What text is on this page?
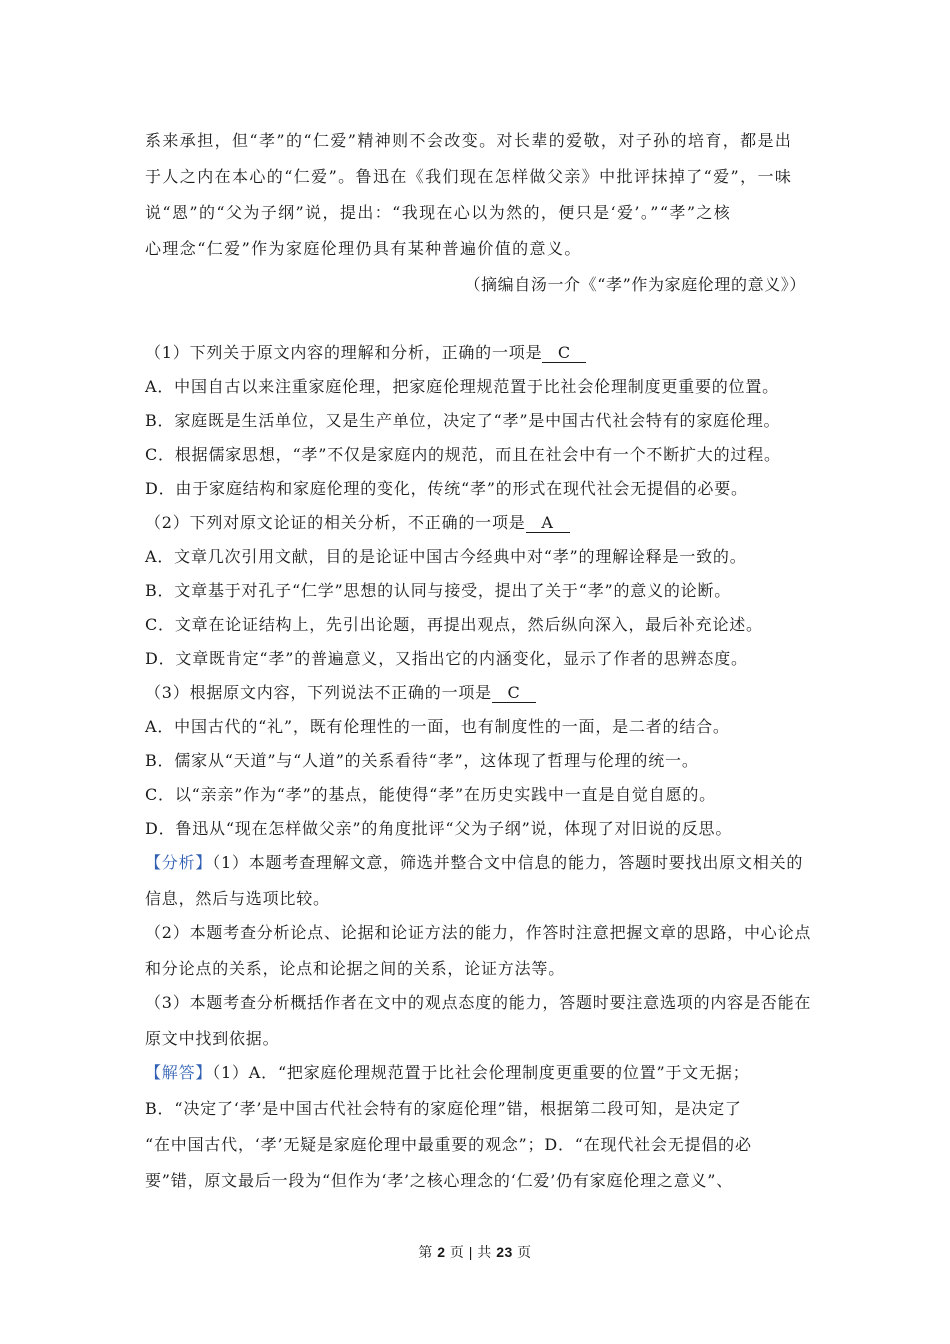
系来承担，但“孝”的“仁爱”精神则不会改变。对长辈的爱敬，对子孙的培育，都是出
于人之内在本心的“仁爱”。鲁迅在《我们现在怎样做父亲》中批评抹掉了“爱”，一味
说“恩”的“父为子纲”说，提出：“我现在心以为然的，便只是‘爱’。”“孝”之核
心理念“仁爱”作为家庭伦理仍具有某种普遍价值的意义。
（摘编自汤一介《“孝”作为家庭伦理的意义》）
（1）下列关于原文内容的理解和分析，正确的一项是 C
A．中国自古以来注重家庭伦理，把家庭伦理规范置于比社会伦理制度更重要的位置。
B．家庭既是生活单位，又是生产单位，决定了“孝”是中国古代社会特有的家庭伦理。
C．根据儒家思想，“孝”不仅是家庭内的规范，而且在社会中有一个不断扩大的过程。
D．由于家庭结构和家庭伦理的变化，传统“孝”的形式在现代社会无提倡的必要。
（2）下列对原文论证的相关分析，不正确的一项是 A
A．文章几次引用文献，目的是论证中国古今经典中对“孝”的理解诠释是一致的。
B．文章基于对孔子“仁学”思想的认同与接受，提出了关于“孝”的意义的论断。
C．文章在论证结构上，先引出论题，再提出观点，然后纵向深入，最后补充论述。
D．文章既肯定“孝”的普遍意义，又指出它的内涵变化，显示了作者的思辨态度。
（3）根据原文内容，下列说法不正确的一项是 C
A．中国古代的“礼”，既有伦理性的一面，也有制度性的一面，是二者的结合。
B．儒家从“天道”与“人道”的关系看待“孝”，这体现了哲理与伦理的统一。
C．以“亲亲”作为“孝”的基点，能使得“孝”在历史实践中一直是自觉自愿的。
D．鲁迅从“现在怎样做父亲”的角度批评“父为子纲”说，体现了对旧说的反思。
【分析】（1）本题考查理解文意，筛选并整合文中信息的能力，答题时要找出原文相关的
信息，然后与选项比较。
（2）本题考查分析论点、论据和论证方法的能力，作答时注意把握文章的思路，中心论点
和分论点的关系，论点和论据之间的关系，论证方法等。
（3）本题考查分析概括作者在文中的观点态度的能力，答题时要注意选项的内容是否能在
原文中找到依据。
【解答】（1）A．“把家庭伦理规范置于比社会伦理制度更重要的位置”于文无据；
B．“决定了‘孝’是中国古代社会特有的家庭伦理”错，根据第二段可知，是决定了
“在中国古代，‘孝’无疑是家庭伦理中最重要的观念”；D．“在现代社会无提倡的必
要”错，原文最后一段为“但作为‘孝’之核心理念的‘仁爱’仍有家庭伦理之意义”、
第 2 页 | 共 23 页
